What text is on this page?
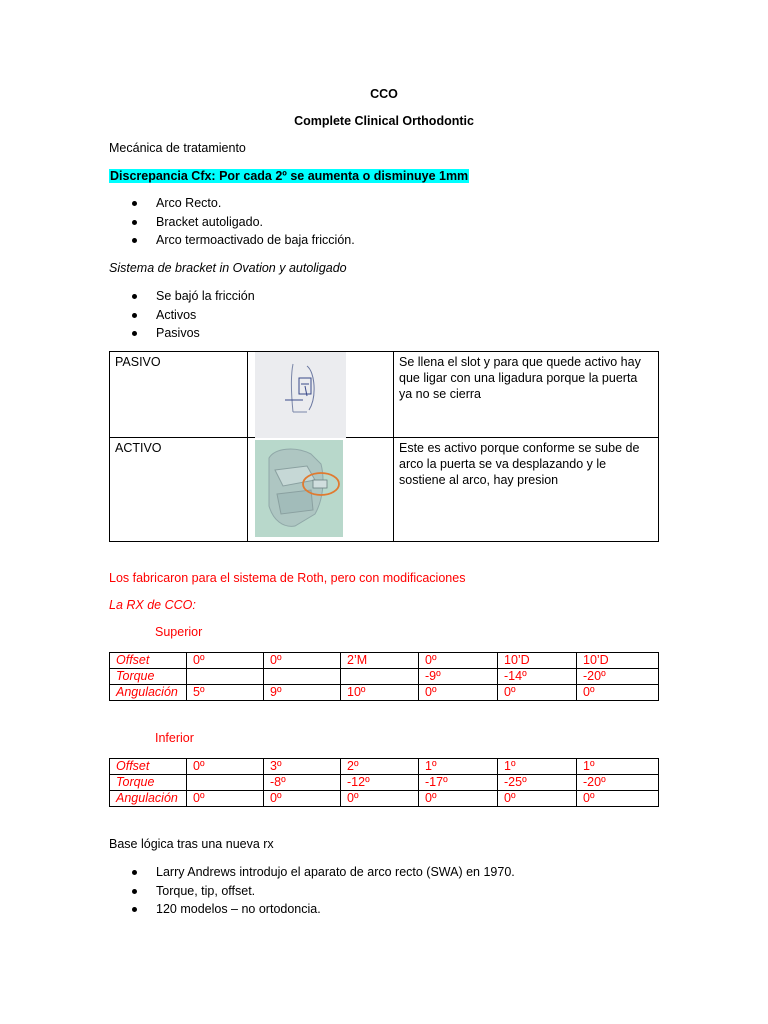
CCO
Complete Clinical Orthodontic
Mecánica de tratamiento
Discrepancia Cfx: Por cada 2º se aumenta o disminuye 1mm
Arco Recto.
Bracket autoligado.
Arco termoactivado de baja fricción.
Sistema de bracket in Ovation y autoligado
Se bajó la fricción
Activos
Pasivos
PASIVO		Se llena el slot y para que quede activo hay que ligar con una ligadura porque la puerta ya no se cierra
ACTIVO		Este es activo porque conforme se sube de arco la puerta se va desplazando y le sostiene al arco, hay presion
Los fabricaron para el sistema de Roth, pero con modificaciones
La RX de CCO:
Superior
Offset	0º	0º	2’M	0º	10’D	10’D
Torque				-9º	-14º	-20º
Angulación	5º	9º	10º	0º	0º	0º
Inferior
Offset	0º	3º	2º	1º	1º	1º
Torque		-8º	-12º	-17º	-25º	-20º
Angulación	0º	0º	0º	0º	0º	0º
Base lógica tras una nueva rx
Larry Andrews introdujo el aparato de arco recto (SWA) en 1970.
Torque, tip, offset.
120 modelos – no ortodoncia.
